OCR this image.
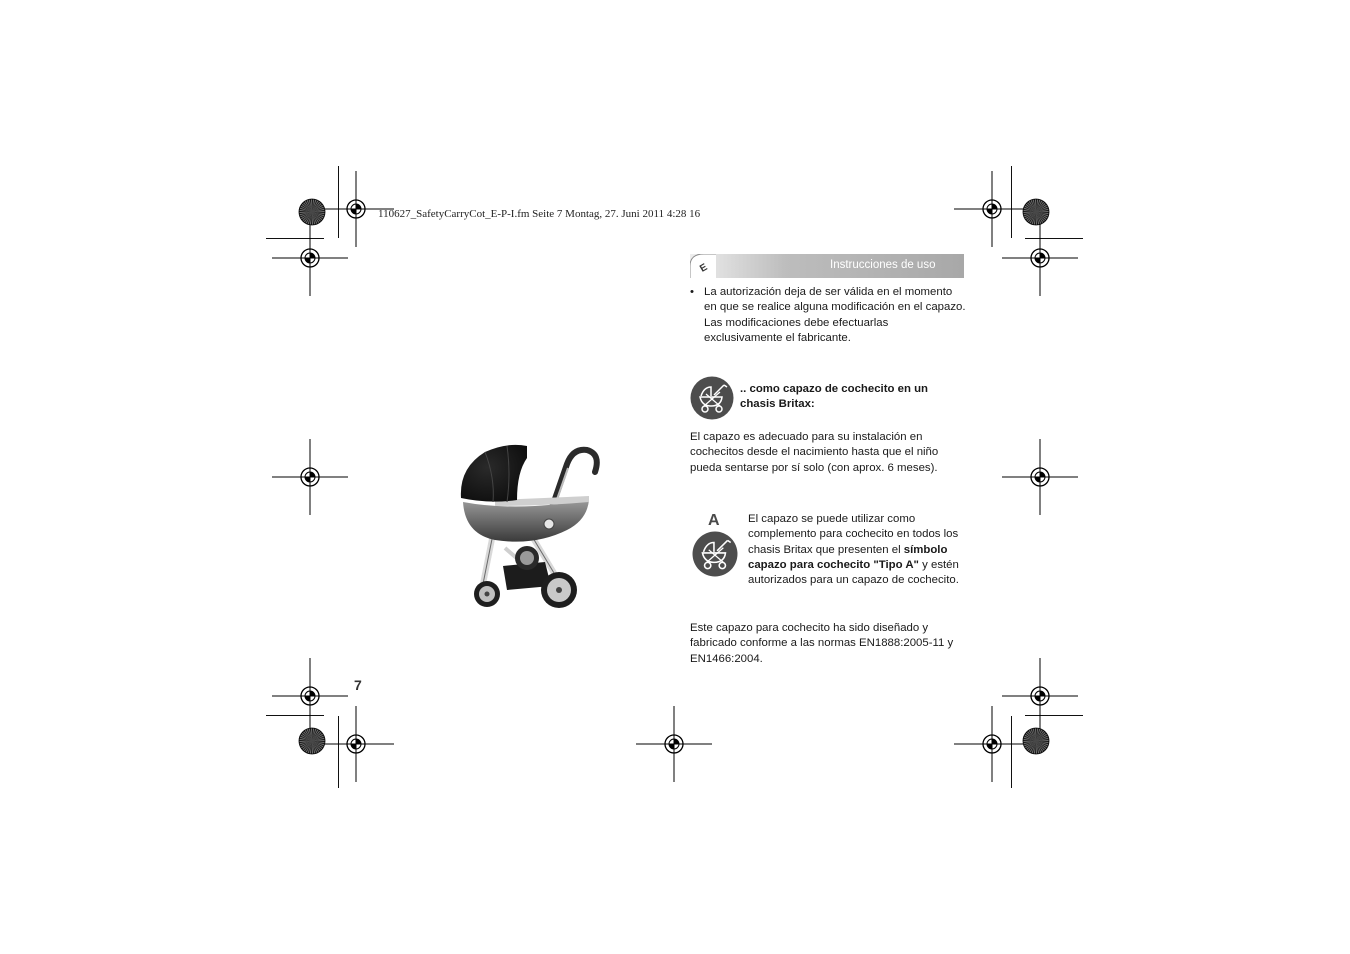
110627_SafetyCarryCot_E-P-I.fm Seite 7 Montag, 27. Juni 2011 4:28 16
E	Instrucciones de uso
• La autorización deja de ser válida en el momento en que se realice alguna modificación en el capazo. Las modificaciones debe efectuarlas exclusivamente el fabricante.
.. como capazo de cochecito en un chasis Britax:
El capazo es adecuado para su instalación en cochecitos desde el nacimiento hasta que el niño pueda sentarse por sí solo (con aprox. 6 meses).
A El capazo se puede utilizar como complemento para cochecito en todos los chasis Britax que presenten el símbolo capazo para cochecito "Tipo A" y estén autorizados para un capazo de cochecito.
Este capazo para cochecito ha sido diseñado y fabricado conforme a las normas EN1888:2005-11 y EN1466:2004.
7
